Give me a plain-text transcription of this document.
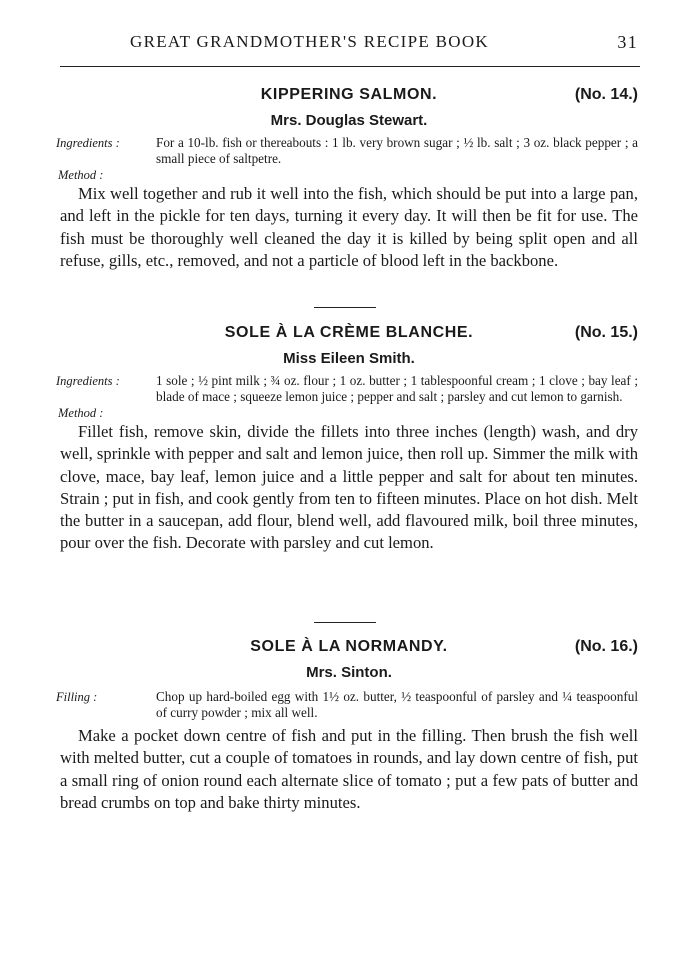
GREAT GRANDMOTHER'S RECIPE BOOK	31
KIPPERING SALMON.	(No. 14.)
Mrs. Douglas Stewart.
Ingredients :	For a 10-lb. fish or thereabouts : 1 lb. very brown sugar ; ½ lb. salt ; 3 oz. black pepper ; a small piece of saltpetre.
Method :
Mix well together and rub it well into the fish, which should be put into a large pan, and left in the pickle for ten days, turning it every day. It will then be fit for use. The fish must be thoroughly well cleaned the day it is killed by being split open and all refuse, gills, etc., removed, and not a particle of blood left in the backbone.
SOLE À LA CRÈME BLANCHE.	(No. 15.)
Miss Eileen Smith.
Ingredients :	1 sole ; ½ pint milk ; ¾ oz. flour ; 1 oz. butter ; 1 tablespoonful cream ; 1 clove ; bay leaf ; blade of mace ; squeeze lemon juice ; pepper and salt ; parsley and cut lemon to garnish.
Method :
Fillet fish, remove skin, divide the fillets into three inches (length) wash, and dry well, sprinkle with pepper and salt and lemon juice, then roll up. Simmer the milk with clove, mace, bay leaf, lemon juice and a little pepper and salt for about ten minutes. Strain ; put in fish, and cook gently from ten to fifteen minutes. Place on hot dish. Melt the butter in a saucepan, add flour, blend well, add flavoured milk, boil three minutes, pour over the fish. Decorate with parsley and cut lemon.
SOLE À LA NORMANDY.	(No. 16.)
Mrs. Sinton.
Filling :	Chop up hard-boiled egg with 1½ oz. butter, ½ teaspoonful of parsley and ¼ teaspoonful of curry powder ; mix all well.
Make a pocket down centre of fish and put in the filling. Then brush the fish well with melted butter, cut a couple of tomatoes in rounds, and lay down centre of fish, put a small ring of onion round each alternate slice of tomato ; put a few pats of butter and bread crumbs on top and bake thirty minutes.
